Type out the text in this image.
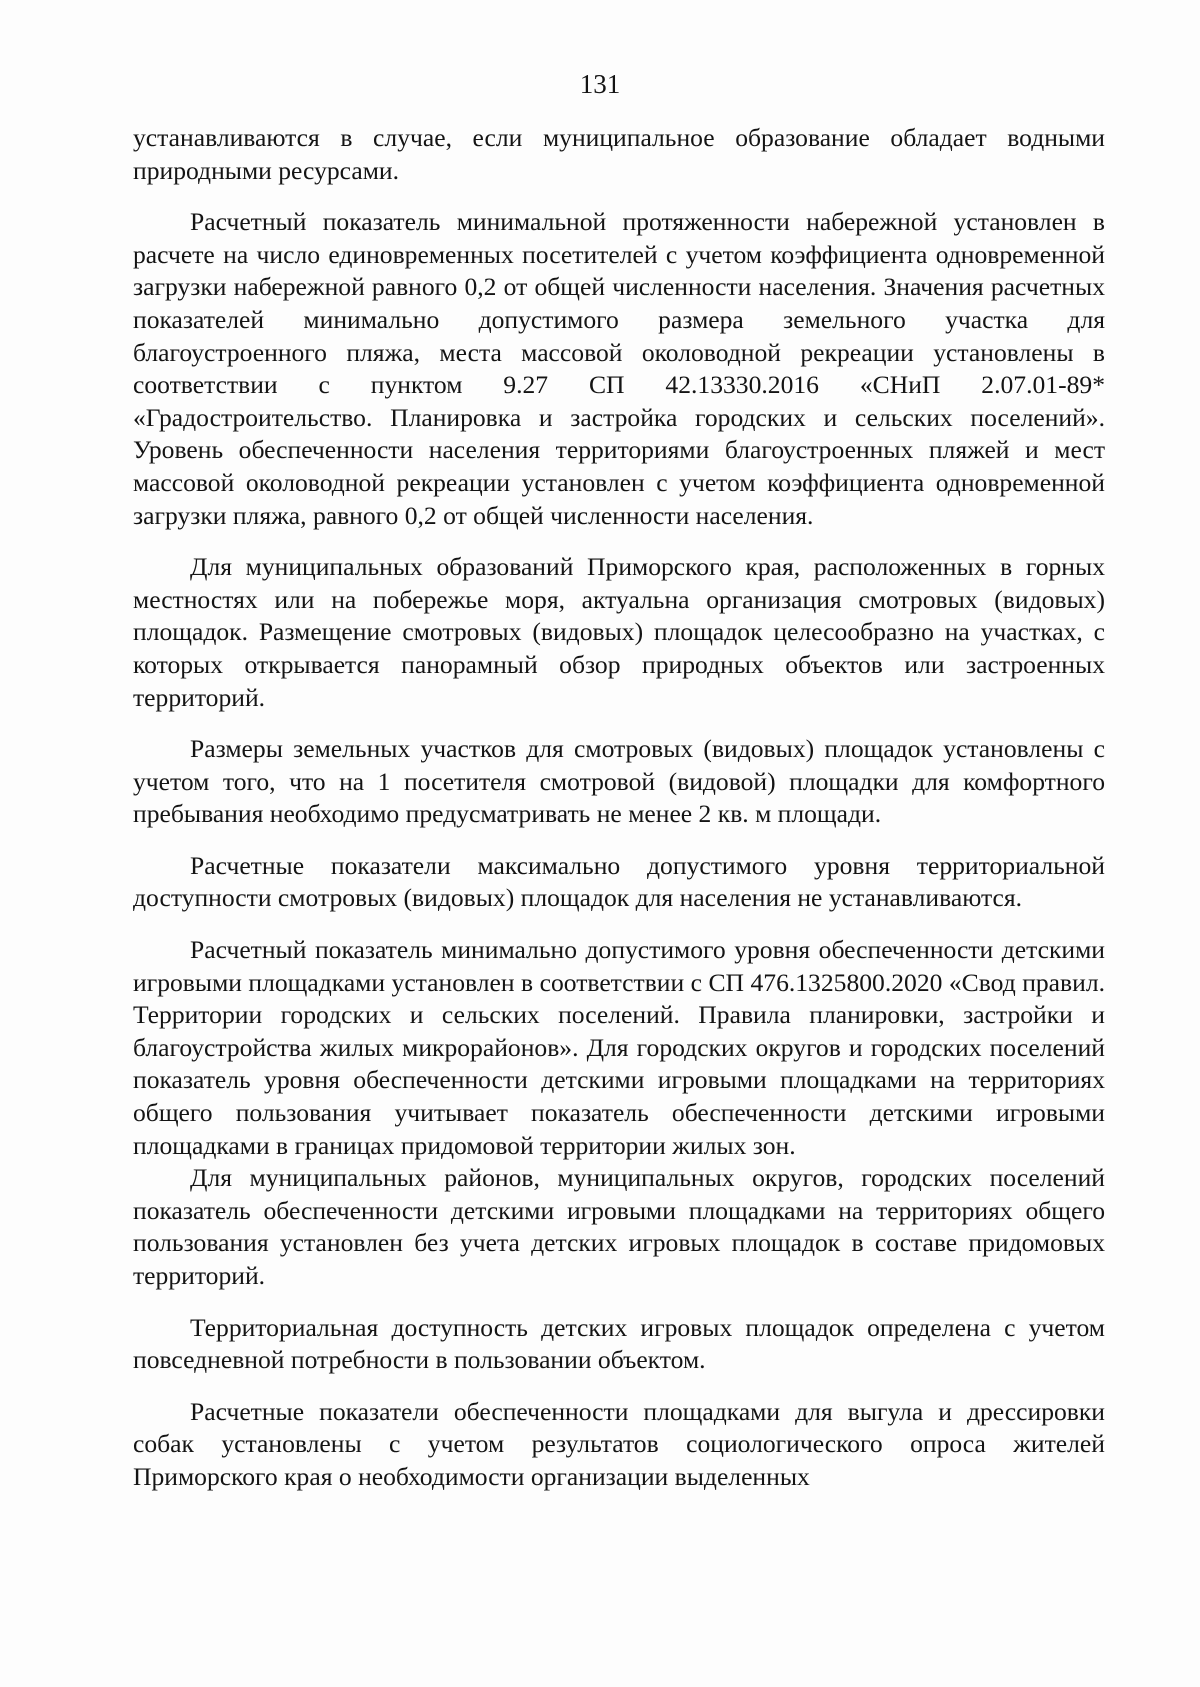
131

устанавливаются в случае, если муниципальное образование обладает водными природными ресурсами.

Расчетный показатель минимальной протяженности набережной установлен в расчете на число единовременных посетителей с учетом коэффициента одновременной загрузки набережной равного 0,2 от общей численности населения. Значения расчетных показателей минимально допустимого размера земельного участка для благоустроенного пляжа, места массовой околоводной рекреации установлены в соответствии с пунктом 9.27 СП 42.13330.2016 «СНиП 2.07.01-89* «Градостроительство. Планировка и застройка городских и сельских поселений». Уровень обеспеченности населения территориями благоустроенных пляжей и мест массовой околоводной рекреации установлен с учетом коэффициента одновременной загрузки пляжа, равного 0,2 от общей численности населения.

Для муниципальных образований Приморского края, расположенных в горных местностях или на побережье моря, актуальна организация смотровых (видовых) площадок. Размещение смотровых (видовых) площадок целесообразно на участках, с которых открывается панорамный обзор природных объектов или застроенных территорий.

Размеры земельных участков для смотровых (видовых) площадок установлены с учетом того, что на 1 посетителя смотровой (видовой) площадки для комфортного пребывания необходимо предусматривать не менее 2 кв. м площади.

Расчетные показатели максимально допустимого уровня территориальной доступности смотровых (видовых) площадок для населения не устанавливаются.

Расчетный показатель минимально допустимого уровня обеспеченности детскими игровыми площадками установлен в соответствии с СП 476.1325800.2020 «Свод правил. Территории городских и сельских поселений. Правила планировки, застройки и благоустройства жилых микрорайонов». Для городских округов и городских поселений показатель уровня обеспеченности детскими игровыми площадками на территориях общего пользования учитывает показатель обеспеченности детскими игровыми площадками в границах придомовой территории жилых зон.

Для муниципальных районов, муниципальных округов, городских поселений показатель обеспеченности детскими игровыми площадками на территориях общего пользования установлен без учета детских игровых площадок в составе придомовых территорий.

Территориальная доступность детских игровых площадок определена с учетом повседневной потребности в пользовании объектом.

Расчетные показатели обеспеченности площадками для выгула и дрессировки собак установлены с учетом результатов социологического опроса жителей Приморского края о необходимости организации выделенных
